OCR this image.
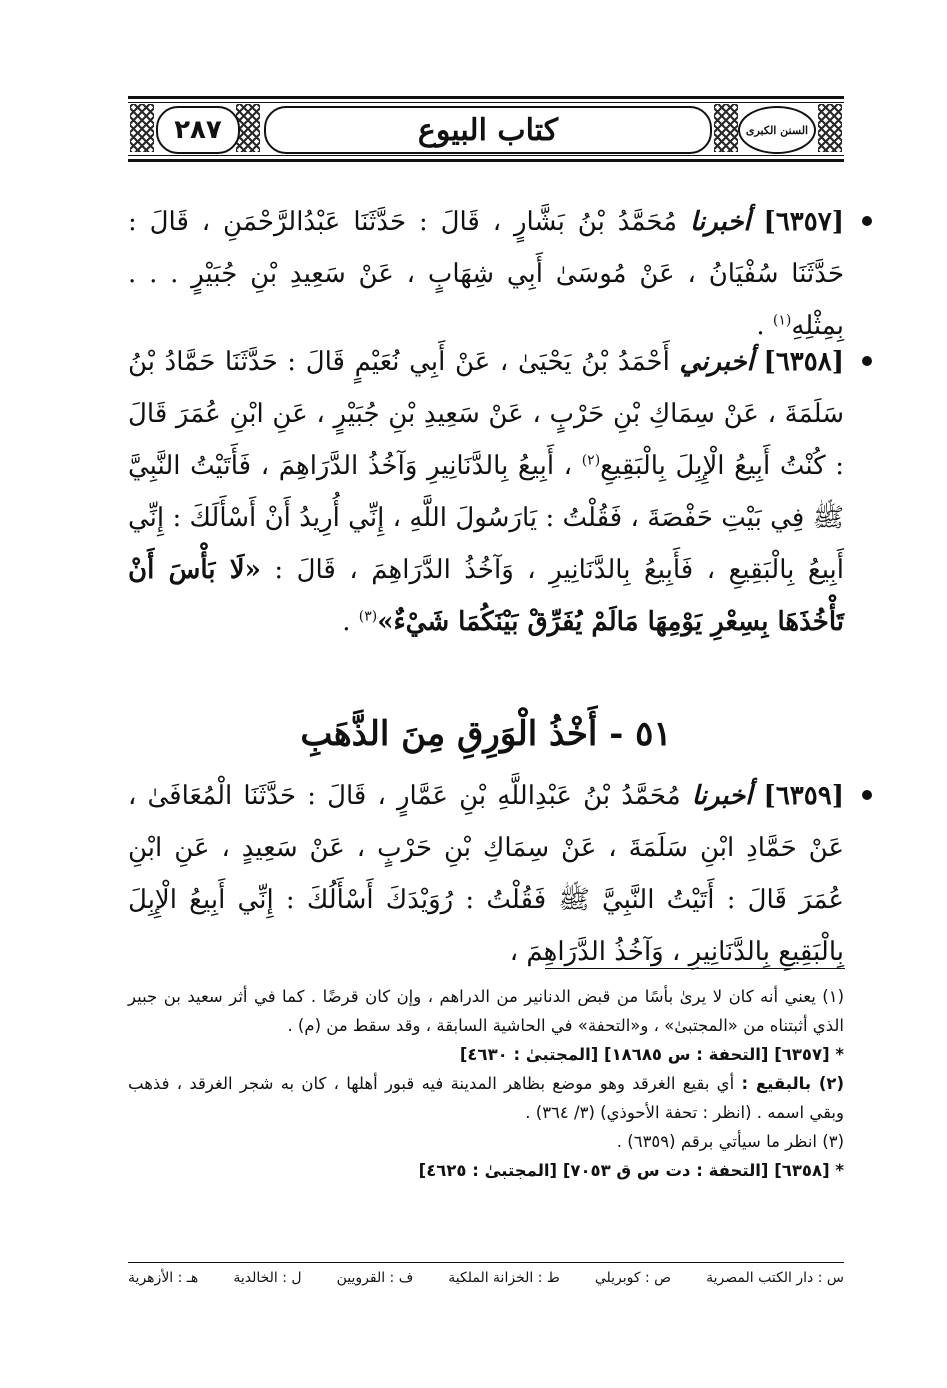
٢٨٧	كتاب البيوع	السنن الكبرى
[٦٣٥٧] أخبرنا مُحَمَّدُ بْنُ بَشَّارٍ ، قَالَ : حَدَّثَنَا عَبْدُالرَّحْمَنِ ، قَالَ : حَدَّثَنَا سُفْيَانُ ، عَنْ مُوسَىٰ أَبِي شِهَابٍ ، عَنْ سَعِيدِ بْنِ جُبَيْرٍ . . . بِمِثْلِهِ$^{(١)}$ .
[٦٣٥٨] أخبرني أَحْمَدُ بْنُ يَحْيَىٰ ، عَنْ أَبِي نُعَيْمٍ قَالَ : حَدَّثَنَا حَمَّادُ بْنُ سَلَمَةَ ، عَنْ سِمَاكِ بْنِ حَرْبٍ ، عَنْ سَعِيدِ بْنِ جُبَيْرٍ ، عَنِ ابْنِ عُمَرَ قَالَ : كُنْتُ أَبِيعُ الْإِبِلَ بِالْبَقِيعِ$^{(٢)}$ ، أَبِيعُ بِالدَّنَانِيرِ وَآخُذُ الدَّرَاهِمَ ، فَأَتَيْتُ النَّبِيَّ ﷺ فِي بَيْتِ حَفْصَةَ ، فَقُلْتُ : يَارَسُولَ اللَّهِ ، إِنِّي أُرِيدُ أَنْ أَسْأَلَكَ : إِنِّي أَبِيعُ بِالْبَقِيعِ ، فَأَبِيعُ بِالدَّنَانِيرِ ، وَآخُذُ الدَّرَاهِمَ ، قَالَ : «لَا بَأْسَ أَنْ تَأْخُذَهَا بِسِعْرِ يَوْمِهَا مَالَمْ يُفَرِّقْ بَيْنَكُمَا شَيْءٌ»$^{(٣)}$ .
٥١ - أَخْذُ الْوَرِقِ مِنَ الذَّهَبِ
[٦٣٥٩] أخبرنا مُحَمَّدُ بْنُ عَبْدِاللَّهِ بْنِ عَمَّارٍ ، قَالَ : حَدَّثَنَا الْمُعَافَىٰ ، عَنْ حَمَّادِ ابْنِ سَلَمَةَ ، عَنْ سِمَاكِ بْنِ حَرْبٍ ، عَنْ سَعِيدٍ ، عَنِ ابْنِ عُمَرَ قَالَ : أَتَيْتُ النَّبِيَّ ﷺ فَقُلْتُ : رُوَيْدَكَ أَسْأَلُكَ : إِنِّي أَبِيعُ الْإِبِلَ بِالْبَقِيعِ بِالدَّنَانِيرِ ، وَآخُذُ الدَّرَاهِمَ ،

(١) يعني أنه كان لا يرىٰ بأسًا من قبض الدنانير من الدراهم ، وإن كان قرضًا . كما في أثر سعيد بن جبير الذي أثبتناه من «المجتبىٰ» ، و«التحفة» في الحاشية السابقة ، وقد سقط من (م) .

* [٦٣٥٧] [التحفة : س ١٨٦٨٥] [المجتبىٰ : ٤٦٣٠]

(٢) بالبقيع : أي بقيع الغرقد وهو موضع بظاهر المدينة فيه قبور أهلها ، كان به شجر الغرقد ، فذهب وبقي اسمه . (انظر : تحفة الأحوذي) (٣/ ٣٦٤) .

(٣) انظر ما سيأتي برقم (٦٣٥٩) .

* [٦٣٥٨] [التحفة : دت س ق ٧٠٥٣] [المجتبىٰ : ٤٦٢٥]

س : دار الكتب المصرية
ص : كوبريلي
ط : الخزانة الملكية
ف : القرويين
ل : الخالدية
هـ : الأزهرية
